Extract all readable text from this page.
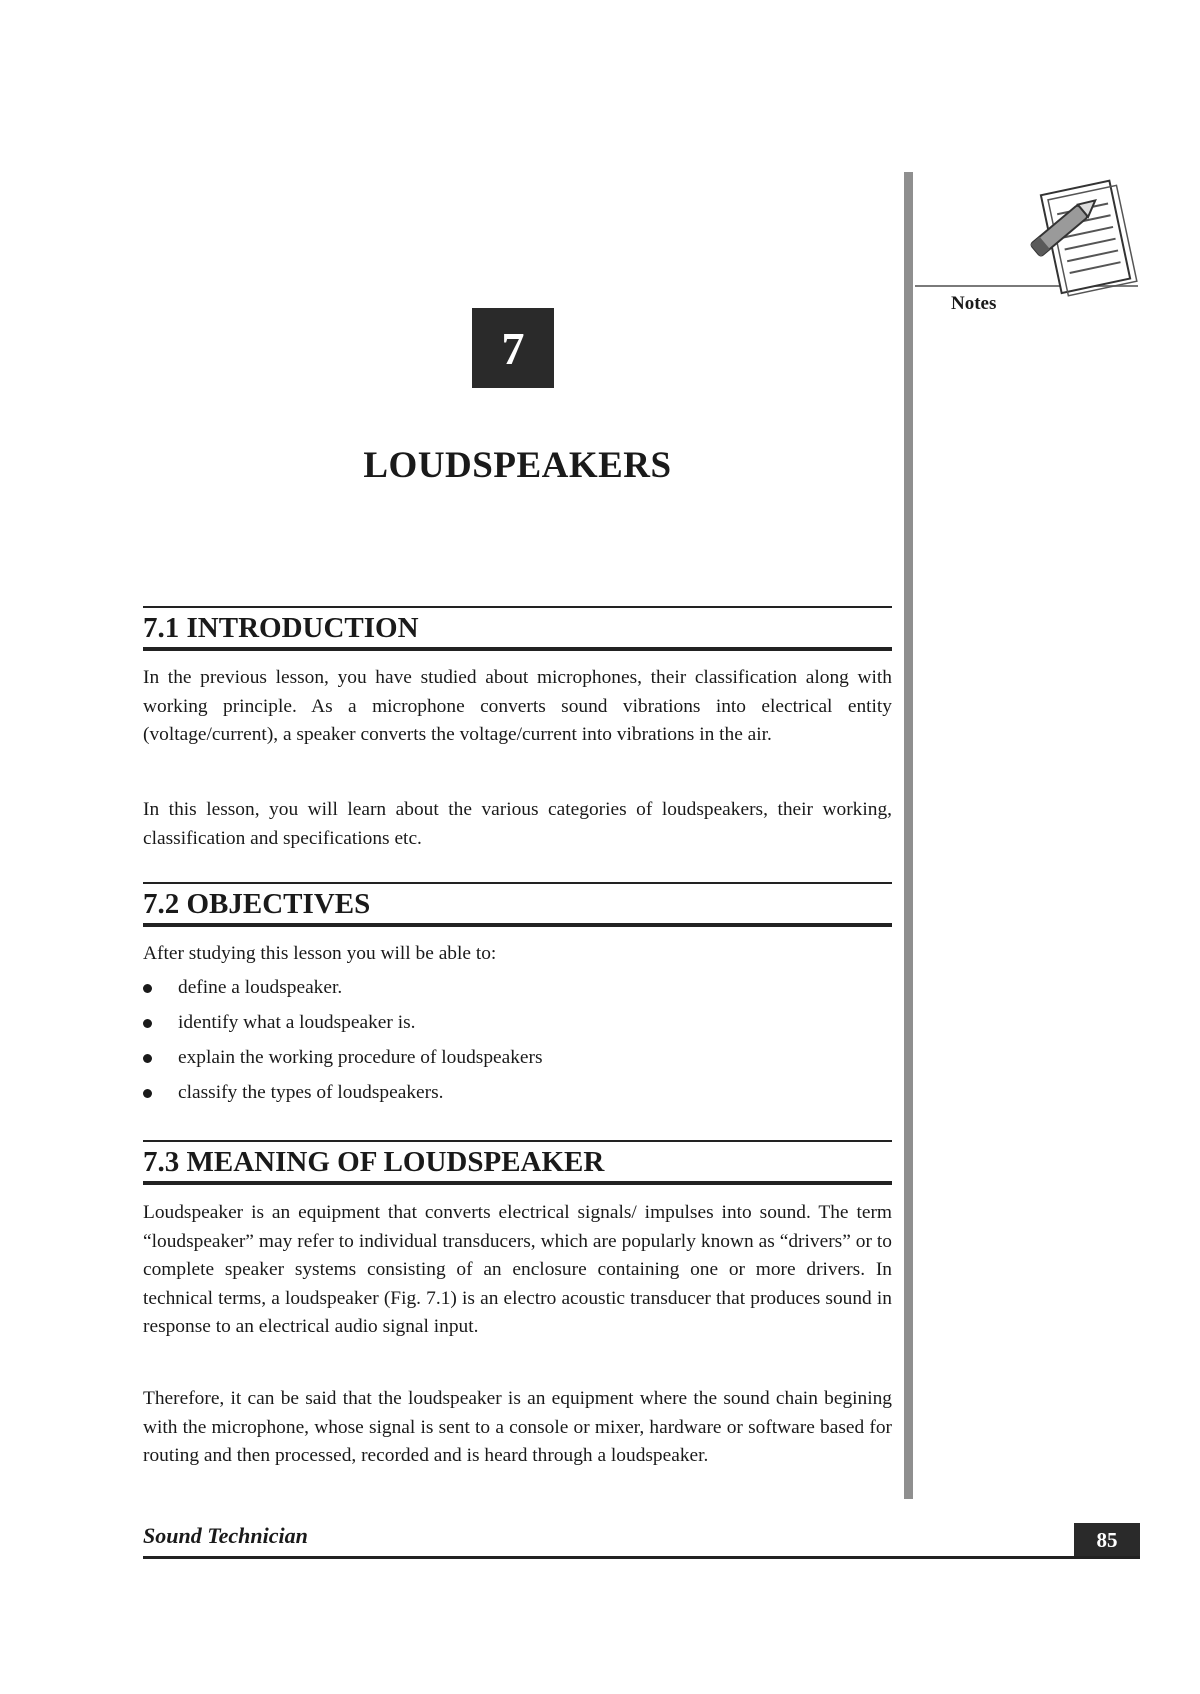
Notes
7
LOUDSPEAKERS
7.1 INTRODUCTION
In the previous lesson, you have studied about microphones, their classification along with working principle. As a microphone converts sound vibrations into electrical entity (voltage/current), a speaker converts the voltage/current into vibrations in the air.
In this lesson, you will learn about the various categories of loudspeakers, their working, classification and specifications etc.
7.2 OBJECTIVES
After studying this lesson you will be able to:
define a loudspeaker.
identify what a loudspeaker is.
explain the working procedure of loudspeakers
classify the types of loudspeakers.
7.3 MEANING OF LOUDSPEAKER
Loudspeaker is an equipment that converts electrical signals/ impulses into sound. The term “loudspeaker” may refer to individual transducers, which are popularly known as “drivers” or to complete speaker systems consisting of an enclosure containing one or more drivers. In technical terms, a loudspeaker (Fig. 7.1) is an electro acoustic transducer that produces sound in response to an electrical audio signal input.
Therefore, it can be said that the loudspeaker is an equipment where the sound chain begining with the microphone, whose signal is sent to a console or mixer, hardware or software based for routing and then processed, recorded and is heard through a loudspeaker.
Sound Technician	85
